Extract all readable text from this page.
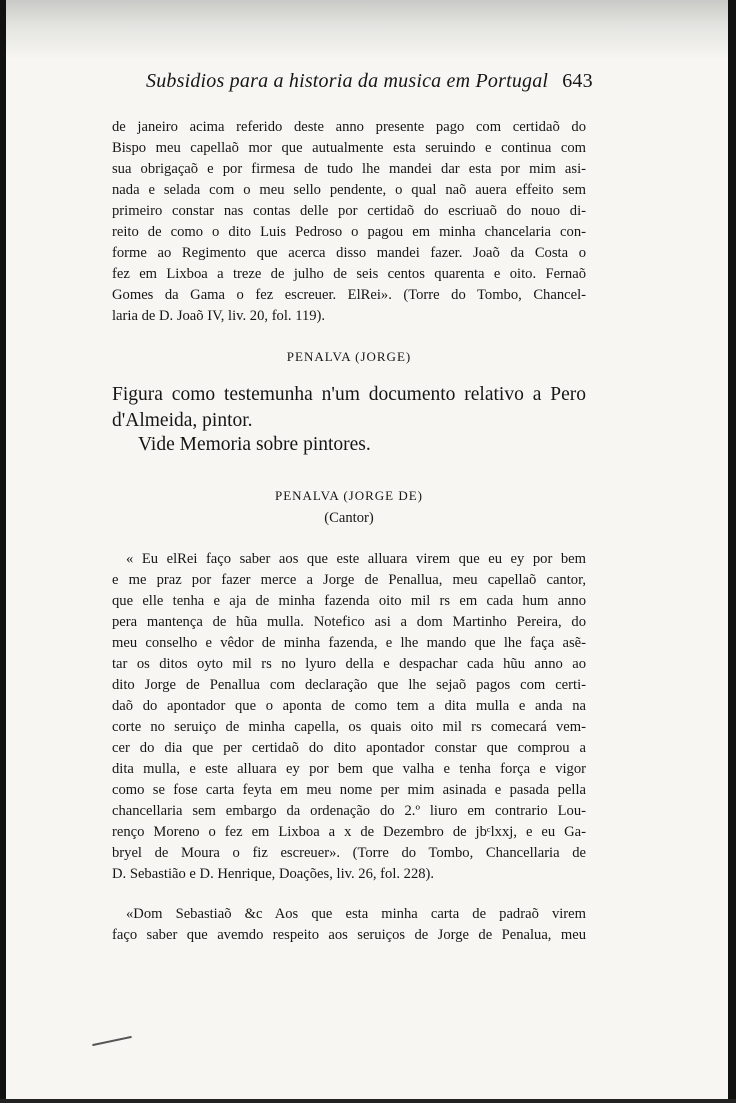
Subsidios para a historia da musica em Portugal 643
de janeiro acima referido deste anno presente pago com certidaõ do
Bispo meu capellaõ mor que autualmente esta seruindo e continua com
sua obrigaçaõ e por firmesa de tudo lhe mandei dar esta por mim asi-
nada e selada com o meu sello pendente, o qual naõ auera effeito sem
primeiro constar nas contas delle por certidaõ do escriuaõ do nouo di-
reito de como o dito Luis Pedroso o pagou em minha chancelaria con-
forme ao Regimento que acerca disso mandei fazer. Joaõ da Costa o
fez em Lixboa a treze de julho de seis centos quarenta e oito. Fernaõ
Gomes da Gama o fez escreuer. ElRei». (Torre do Tombo, Chancel-
laria de D. Joaõ IV, liv. 20, fol. 119).
PENALVA (JORGE)
Figura como testemunha n'um documento relativo a Pero
d'Almeida, pintor.
Vide Memoria sobre pintores.
PENALVA (JORGE DE)
(Cantor)
« Eu elRei faço saber aos que este alluara virem que eu ey por bem
e me praz por fazer merce a Jorge de Penallua, meu capellaõ cantor,
que elle tenha e aja de minha fazenda oito mil rs em cada hum anno
pera mantença de hũa mulla. Notefico asi a dom Martinho Pereira, do
meu conselho e vêdor de minha fazenda, e lhe mando que lhe faça asẽ-
tar os ditos oyto mil rs no lyuro della e despachar cada hũu anno ao
dito Jorge de Penallua com declaração que lhe sejaõ pagos com certi-
daõ do apontador que o aponta de como tem a dita mulla e anda na
corte no seruiço de minha capella, os quais oito mil rs comecará vem-
cer do dia que per certidaõ do dito apontador constar que comprou a
dita mulla, e este alluara ey por bem que valha e tenha força e vigor
como se fose carta feyta em meu nome per mim asinada e pasada pella
chancellaria sem embargo da ordenação do 2.º liuro em contrario Lou-
renço Moreno o fez em Lixboa a x de Dezembro de jbᶜlxxj, e eu Ga-
bryel de Moura o fiz escreuer». (Torre do Tombo, Chancellaria de
D. Sebastião e D. Henrique, Doações, liv. 26, fol. 228).
«Dom Sebastiaõ &c Aos que esta minha carta de padraõ virem
faço saber que avemdo respeito aos seruiços de Jorge de Penalua, meu
